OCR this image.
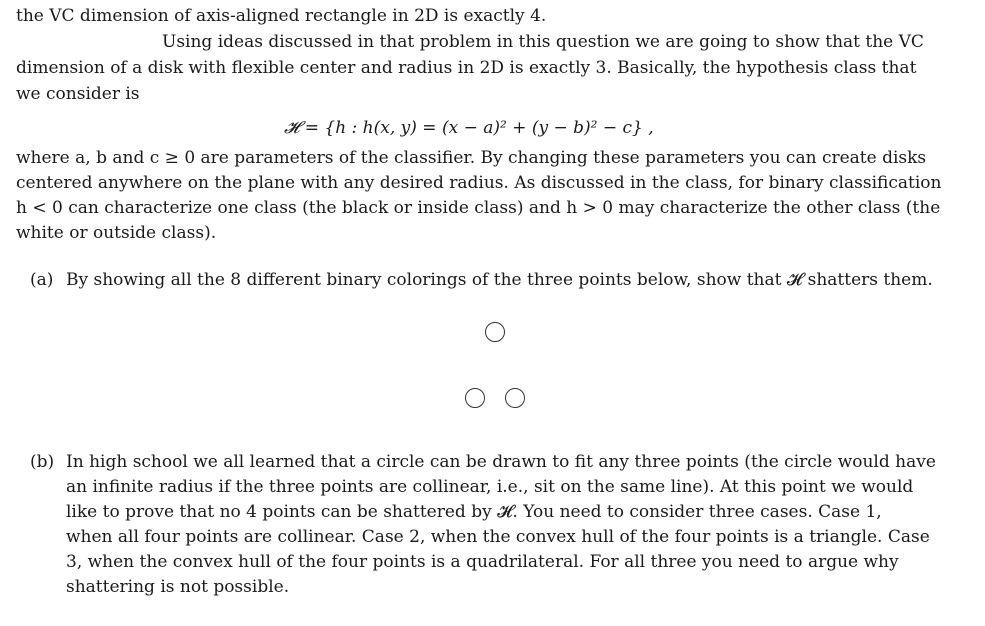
the VC dimension of axis-aligned rectangle in 2D is exactly 4.
Using ideas discussed in that problem in this question we are going to show that the VC
dimension of a disk with flexible center and radius in 2D is exactly 3. Basically, the hypothesis class that
we consider is
𝓗 = {h : h(x, y) = (x − a)² + (y − b)² − c} ,
where a, b and c ≥ 0 are parameters of the classifier. By changing these parameters you can create disks
centered anywhere on the plane with any desired radius. As discussed in the class, for binary classification
h < 0 can characterize one class (the black or inside class) and h > 0 may characterize the other class (the
white or outside class).
(a) By showing all the 8 different binary colorings of the three points below, show that 𝓗 shatters them.
(b) In high school we all learned that a circle can be drawn to fit any three points (the circle would have
an infinite radius if the three points are collinear, i.e., sit on the same line). At this point we would
like to prove that no 4 points can be shattered by 𝓗. You need to consider three cases. Case 1,
when all four points are collinear. Case 2, when the convex hull of the four points is a triangle. Case
3, when the convex hull of the four points is a quadrilateral. For all three you need to argue why
shattering is not possible.
